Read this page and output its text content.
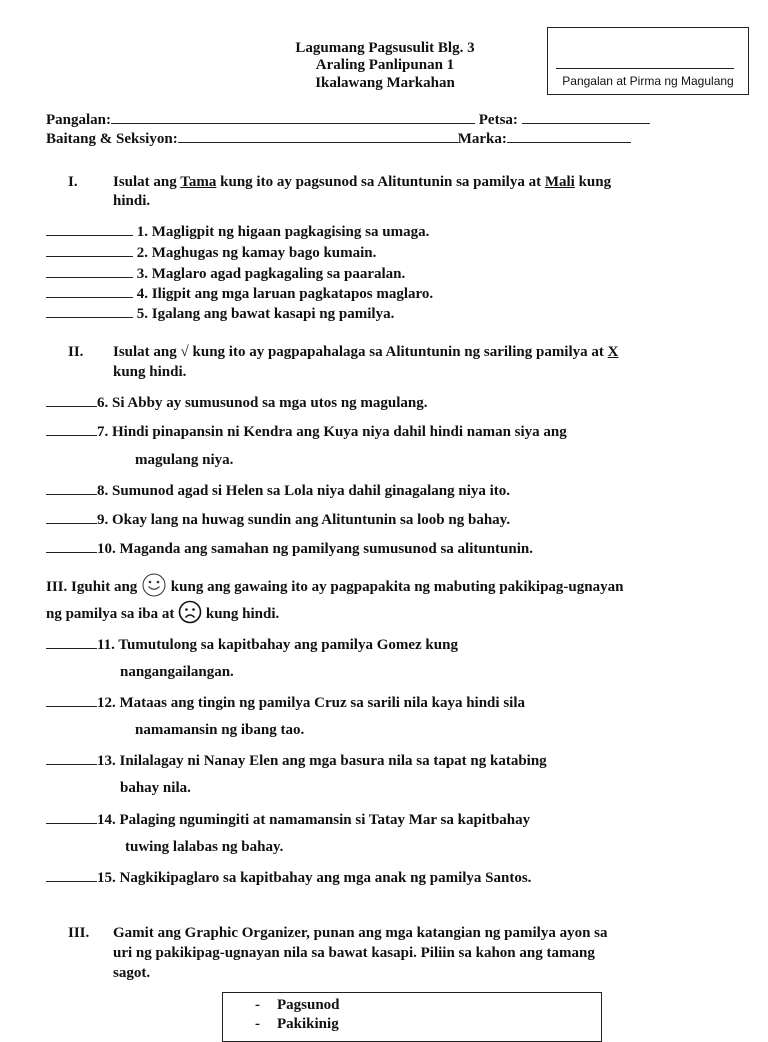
Pangalan at Pirma ng Magulang
Lagumang Pagsusulit Blg. 3
Araling Panlipunan 1
Ikalawang Markahan
Pangalan:	Petsa:
Baitang & Seksiyon:	Marka:
I. Isulat ang Tama kung ito ay pagsunod sa Alituntunin sa pamilya at Mali kung
hindi.
1. Magligpit ng higaan pagkagising sa umaga.
2. Maghugas ng kamay bago kumain.
3. Maglaro agad pagkagaling sa paaralan.
4. Iligpit ang mga laruan pagkatapos maglaro.
5. Igalang ang bawat kasapi ng pamilya.
II. Isulat ang √ kung ito ay pagpapahalaga sa Alituntunin ng sariling pamilya at X
kung hindi.
6. Si Abby ay sumusunod sa mga utos ng magulang.
7. Hindi pinapansin ni Kendra ang Kuya niya dahil hindi naman siya ang
magulang niya.
8. Sumunod agad si Helen sa Lola niya dahil ginagalang niya ito.
9. Okay lang na huwag sundin ang Alituntunin sa loob ng bahay.
10. Maganda ang samahan ng pamilyang sumusunod sa alituntunin.
III. Iguhit ang kung ang gawaing ito ay pagpapakita ng mabuting pakikipag-ugnayan
ng pamilya sa iba at kung hindi.
11. Tumutulong sa kapitbahay ang pamilya Gomez kung
nangangailangan.
12. Mataas ang tingin ng pamilya Cruz sa sarili nila kaya hindi sila
namamansin ng ibang tao.
13. Inilalagay ni Nanay Elen ang mga basura nila sa tapat ng katabing
bahay nila.
14. Palaging ngumingiti at namamansin si Tatay Mar sa kapitbahay
tuwing lalabas ng bahay.
15. Nagkikipaglaro sa kapitbahay ang mga anak ng pamilya Santos.
III. Gamit ang Graphic Organizer, punan ang mga katangian ng pamilya ayon sa
uri ng pakikipag-ugnayan nila sa bawat kasapi. Piliin sa kahon ang tamang
sagot.
- Pagsunod
- Pakikinig
